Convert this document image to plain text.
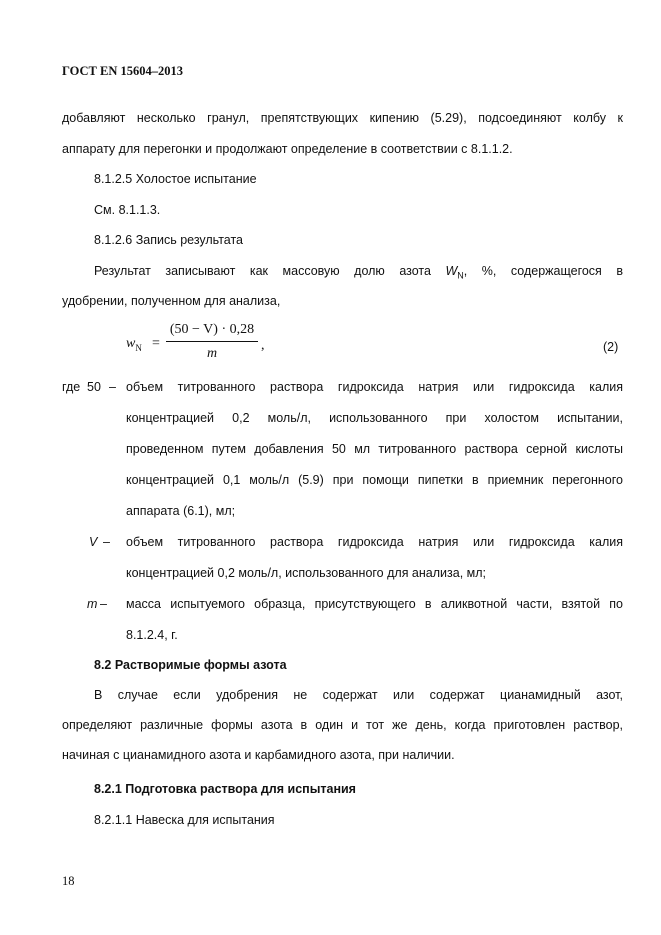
ГОСТ EN 15604–2013
добавляют несколько гранул, препятствующих кипению (5.29), подсоединяют колбу к
аппарату для перегонки и продолжают определение в соответствии с 8.1.1.2.
8.1.2.5 Холостое испытание
См. 8.1.1.3.
8.1.2.6 Запись результата
Результат записывают как массовую долю азота $W_N$, %, содержащегося в
удобрении, полученном для анализа,
$w_N = \frac{(50 - V) \cdot 0,28}{m}$ ,	(2)
где 50 – объем титрованного раствора гидроксида натрия или гидроксида калия
концентрацией 0,2 моль/л, использованного при холостом испытании,
проведенном путем добавления 50 мл титрованного раствора серной кислоты
концентрацией 0,1 моль/л (5.9) при помощи пипетки в приемник перегонного
аппарата (6.1), мл;
V – объем титрованного раствора гидроксида натрия или гидроксида калия
концентрацией 0,2 моль/л, использованного для анализа, мл;
m – масса испытуемого образца, присутствующего в аликвотной части, взятой по
8.1.2.4, г.
8.2 Растворимые формы азота
В случае если удобрения не содержат или содержат цианамидный азот,
определяют различные формы азота в один и тот же день, когда приготовлен раствор,
начиная с цианамидного азота и карбамидного азота, при наличии.
8.2.1 Подготовка раствора для испытания
8.2.1.1 Навеска для испытания
18
